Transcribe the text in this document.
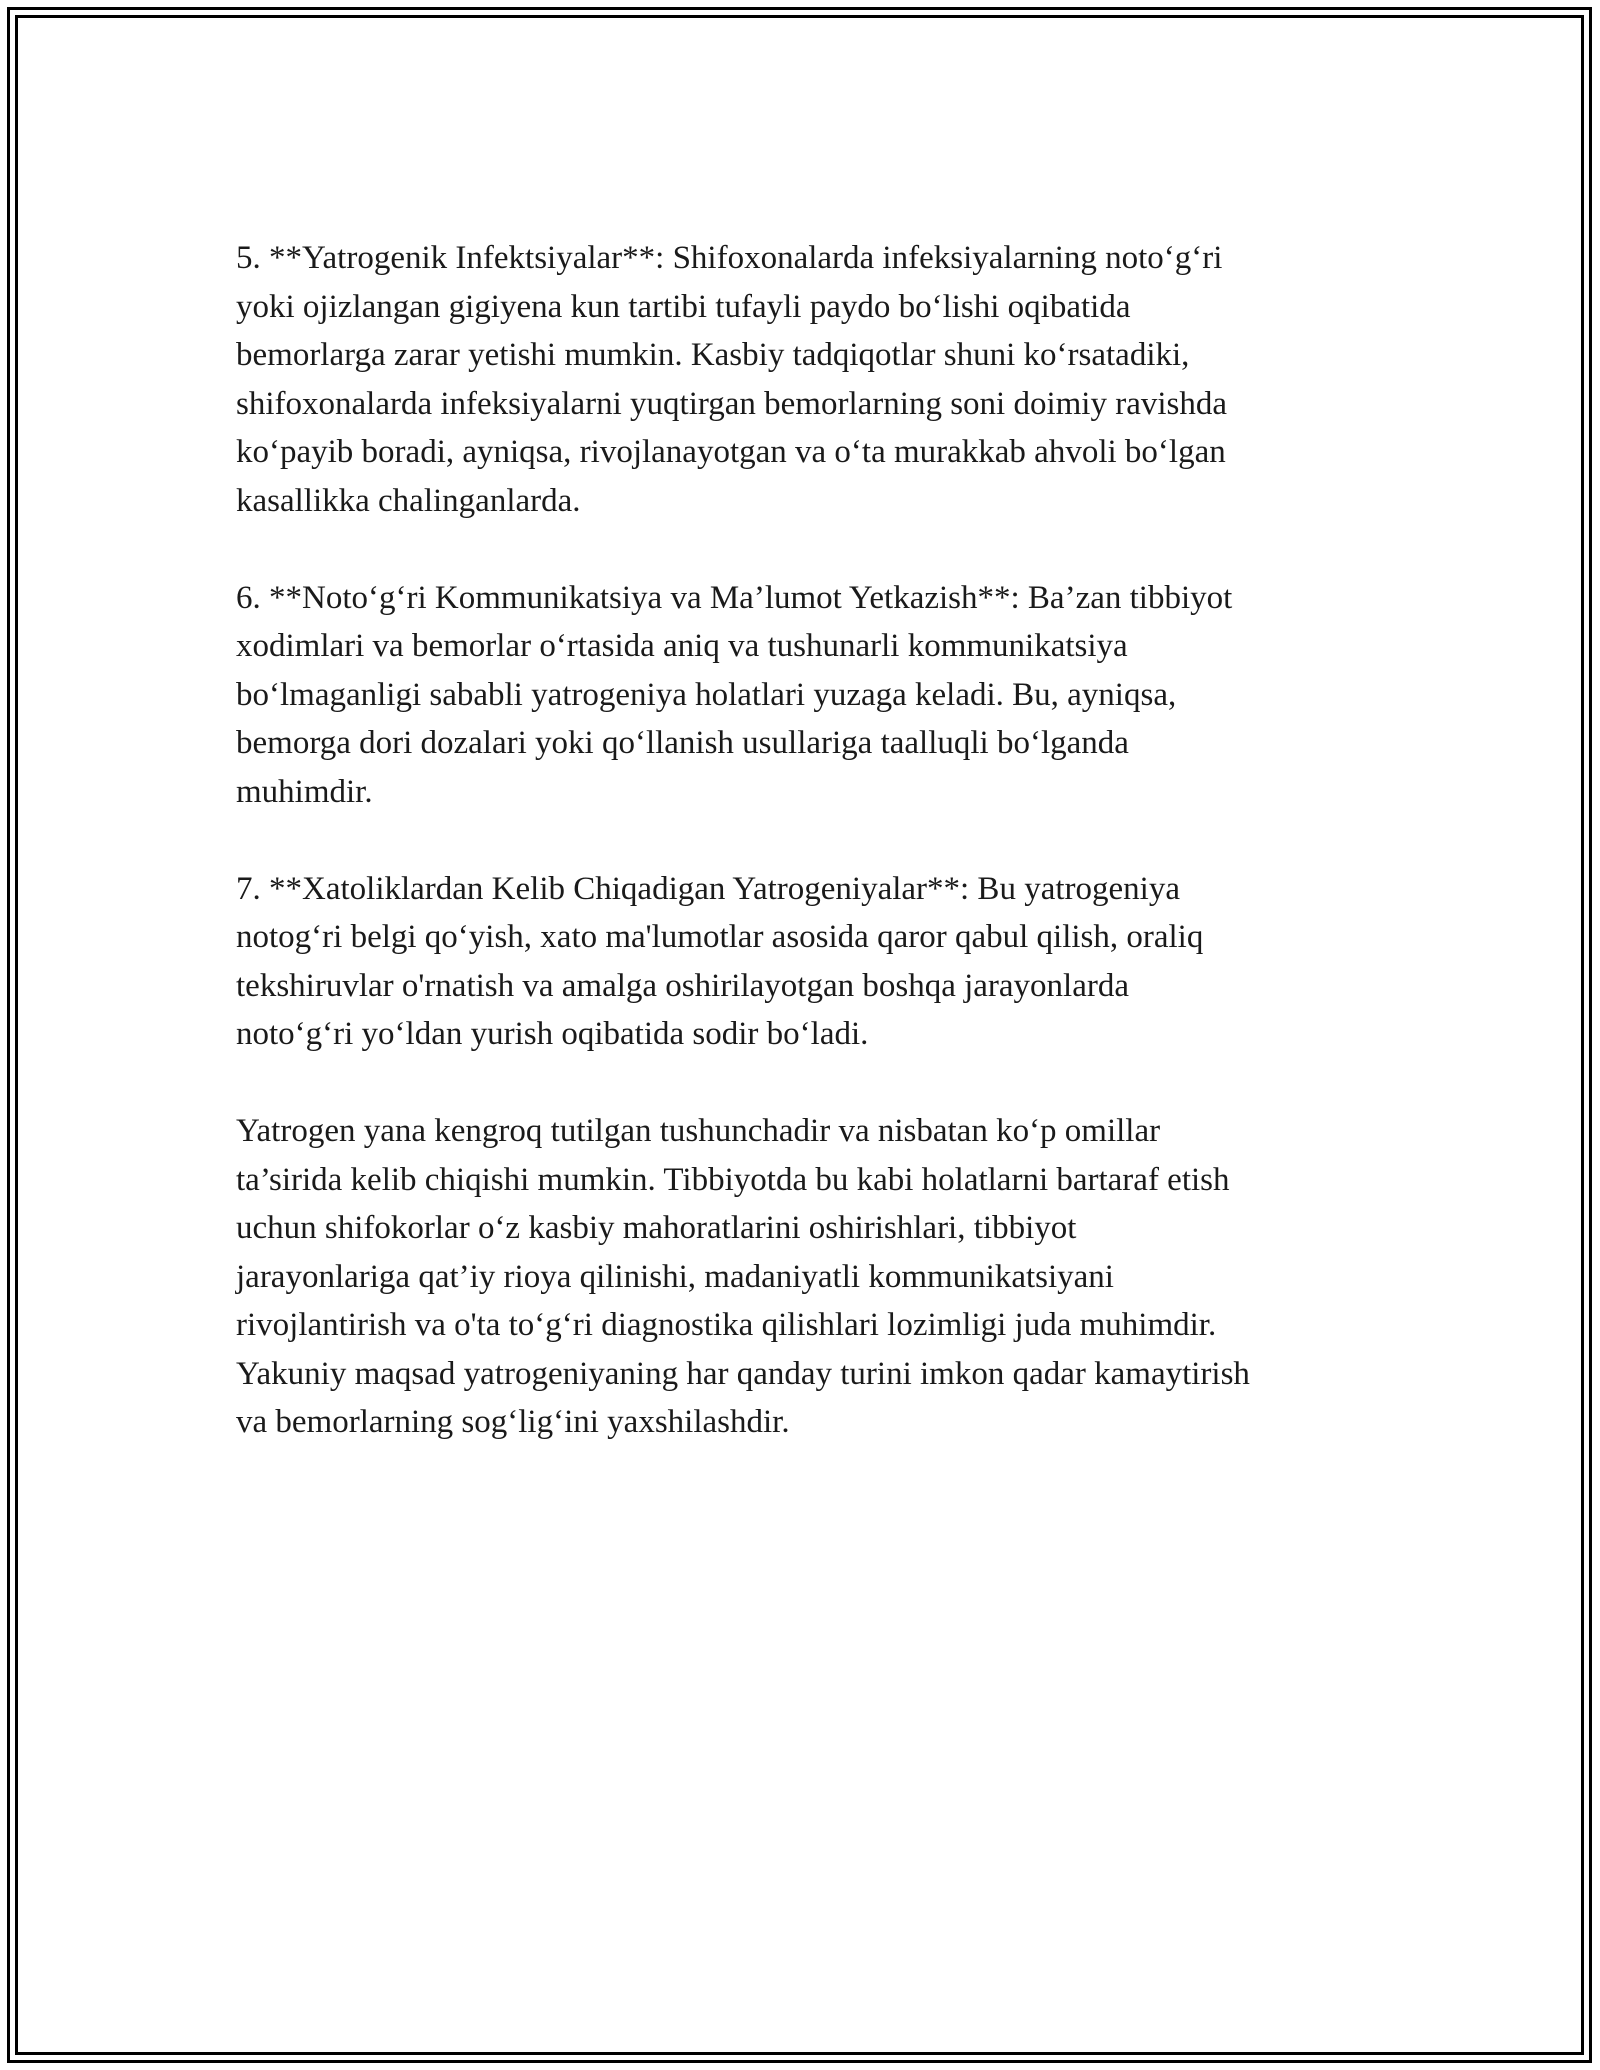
5. **Yatrogenik Infektsiyalar**: Shifoxonalarda infeksiyalarning noto‘g‘ri
yoki ojizlangan gigiyena kun tartibi tufayli paydo bo‘lishi oqibatida
bemorlarga zarar yetishi mumkin. Kasbiy tadqiqotlar shuni ko‘rsatadiki,
shifoxonalarda infeksiyalarni yuqtirgan bemorlarning soni doimiy ravishda
ko‘payib boradi, ayniqsa, rivojlanayotgan va o‘ta murakkab ahvoli bo‘lgan
kasallikka chalinganlarda.

6. **Noto‘g‘ri Kommunikatsiya va Ma’lumot Yetkazish**: Ba’zan tibbiyot
xodimlari va bemorlar o‘rtasida aniq va tushunarli kommunikatsiya
bo‘lmaganligi sababli yatrogeniya holatlari yuzaga keladi. Bu, ayniqsa,
bemorga dori dozalari yoki qo‘llanish usullariga taalluqli bo‘lganda
muhimdir.

7. **Xatoliklardan Kelib Chiqadigan Yatrogeniyalar**: Bu yatrogeniya
notog‘ri belgi qo‘yish, xato ma'lumotlar asosida qaror qabul qilish, oraliq
tekshiruvlar o'rnatish va amalga oshirilayotgan boshqa jarayonlarda
noto‘g‘ri yo‘ldan yurish oqibatida sodir bo‘ladi.

Yatrogen yana kengroq tutilgan tushunchadir va nisbatan ko‘p omillar
ta’sirida kelib chiqishi mumkin. Tibbiyotda bu kabi holatlarni bartaraf etish
uchun shifokorlar o‘z kasbiy mahoratlarini oshirishlari, tibbiyot
jarayonlariga qat’iy rioya qilinishi, madaniyatli kommunikatsiyani
rivojlantirish va o'ta to‘g‘ri diagnostika qilishlari lozimligi juda muhimdir.
Yakuniy maqsad yatrogeniyaning har qanday turini imkon qadar kamaytirish
va bemorlarning sog‘lig‘ini yaxshilashdir.
